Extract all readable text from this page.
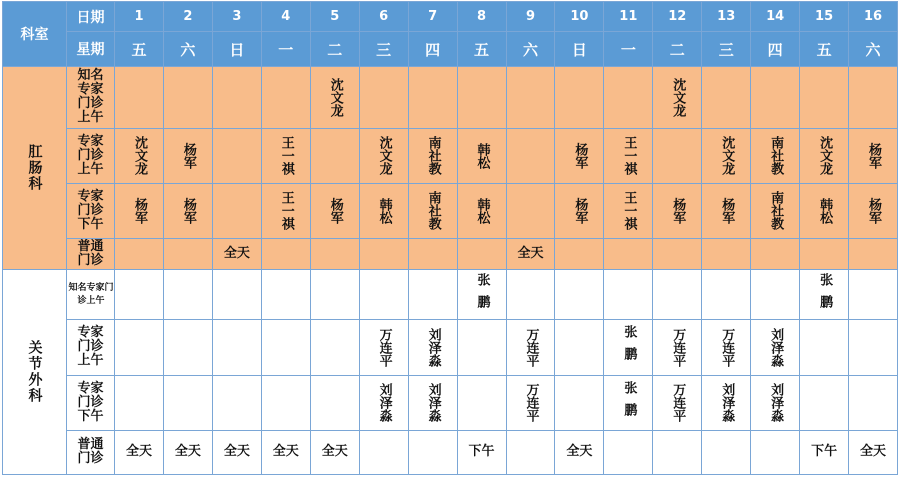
科室	日期	1	2	3	4	5	6	7	8	9	10	11	12	13	14	15	16
	星期	五	六	日	一	二	三	四	五	六	日	一	二	三	四	五	六

肛肠科	知名专家门诊上午					沈文龙							沈文龙				

	专家门诊上午	沈文龙	杨军		王一祺		沈文龙	南社教	韩松		杨军	王一祺		沈文龙	南社教	沈文龙	杨军

	专家门诊下午	杨军	杨军		王一祺	杨军	韩松	南社教	韩松		杨军	王一祺	杨军	杨军	南社教	韩松	杨军

	普通门诊			全天						全天							

关节外科	知名专家门诊上午								张鹏							张鹏	

	专家门诊上午						万连平	刘泽淼		万连平		张鹏	万连平	万连平	刘泽淼		

	专家门诊下午						刘泽淼	刘泽淼		万连平		张鹏	万连平	刘泽淼	刘泽淼		

	普通门诊	全天	全天	全天	全天	全天			下午		全天					下午	全天
